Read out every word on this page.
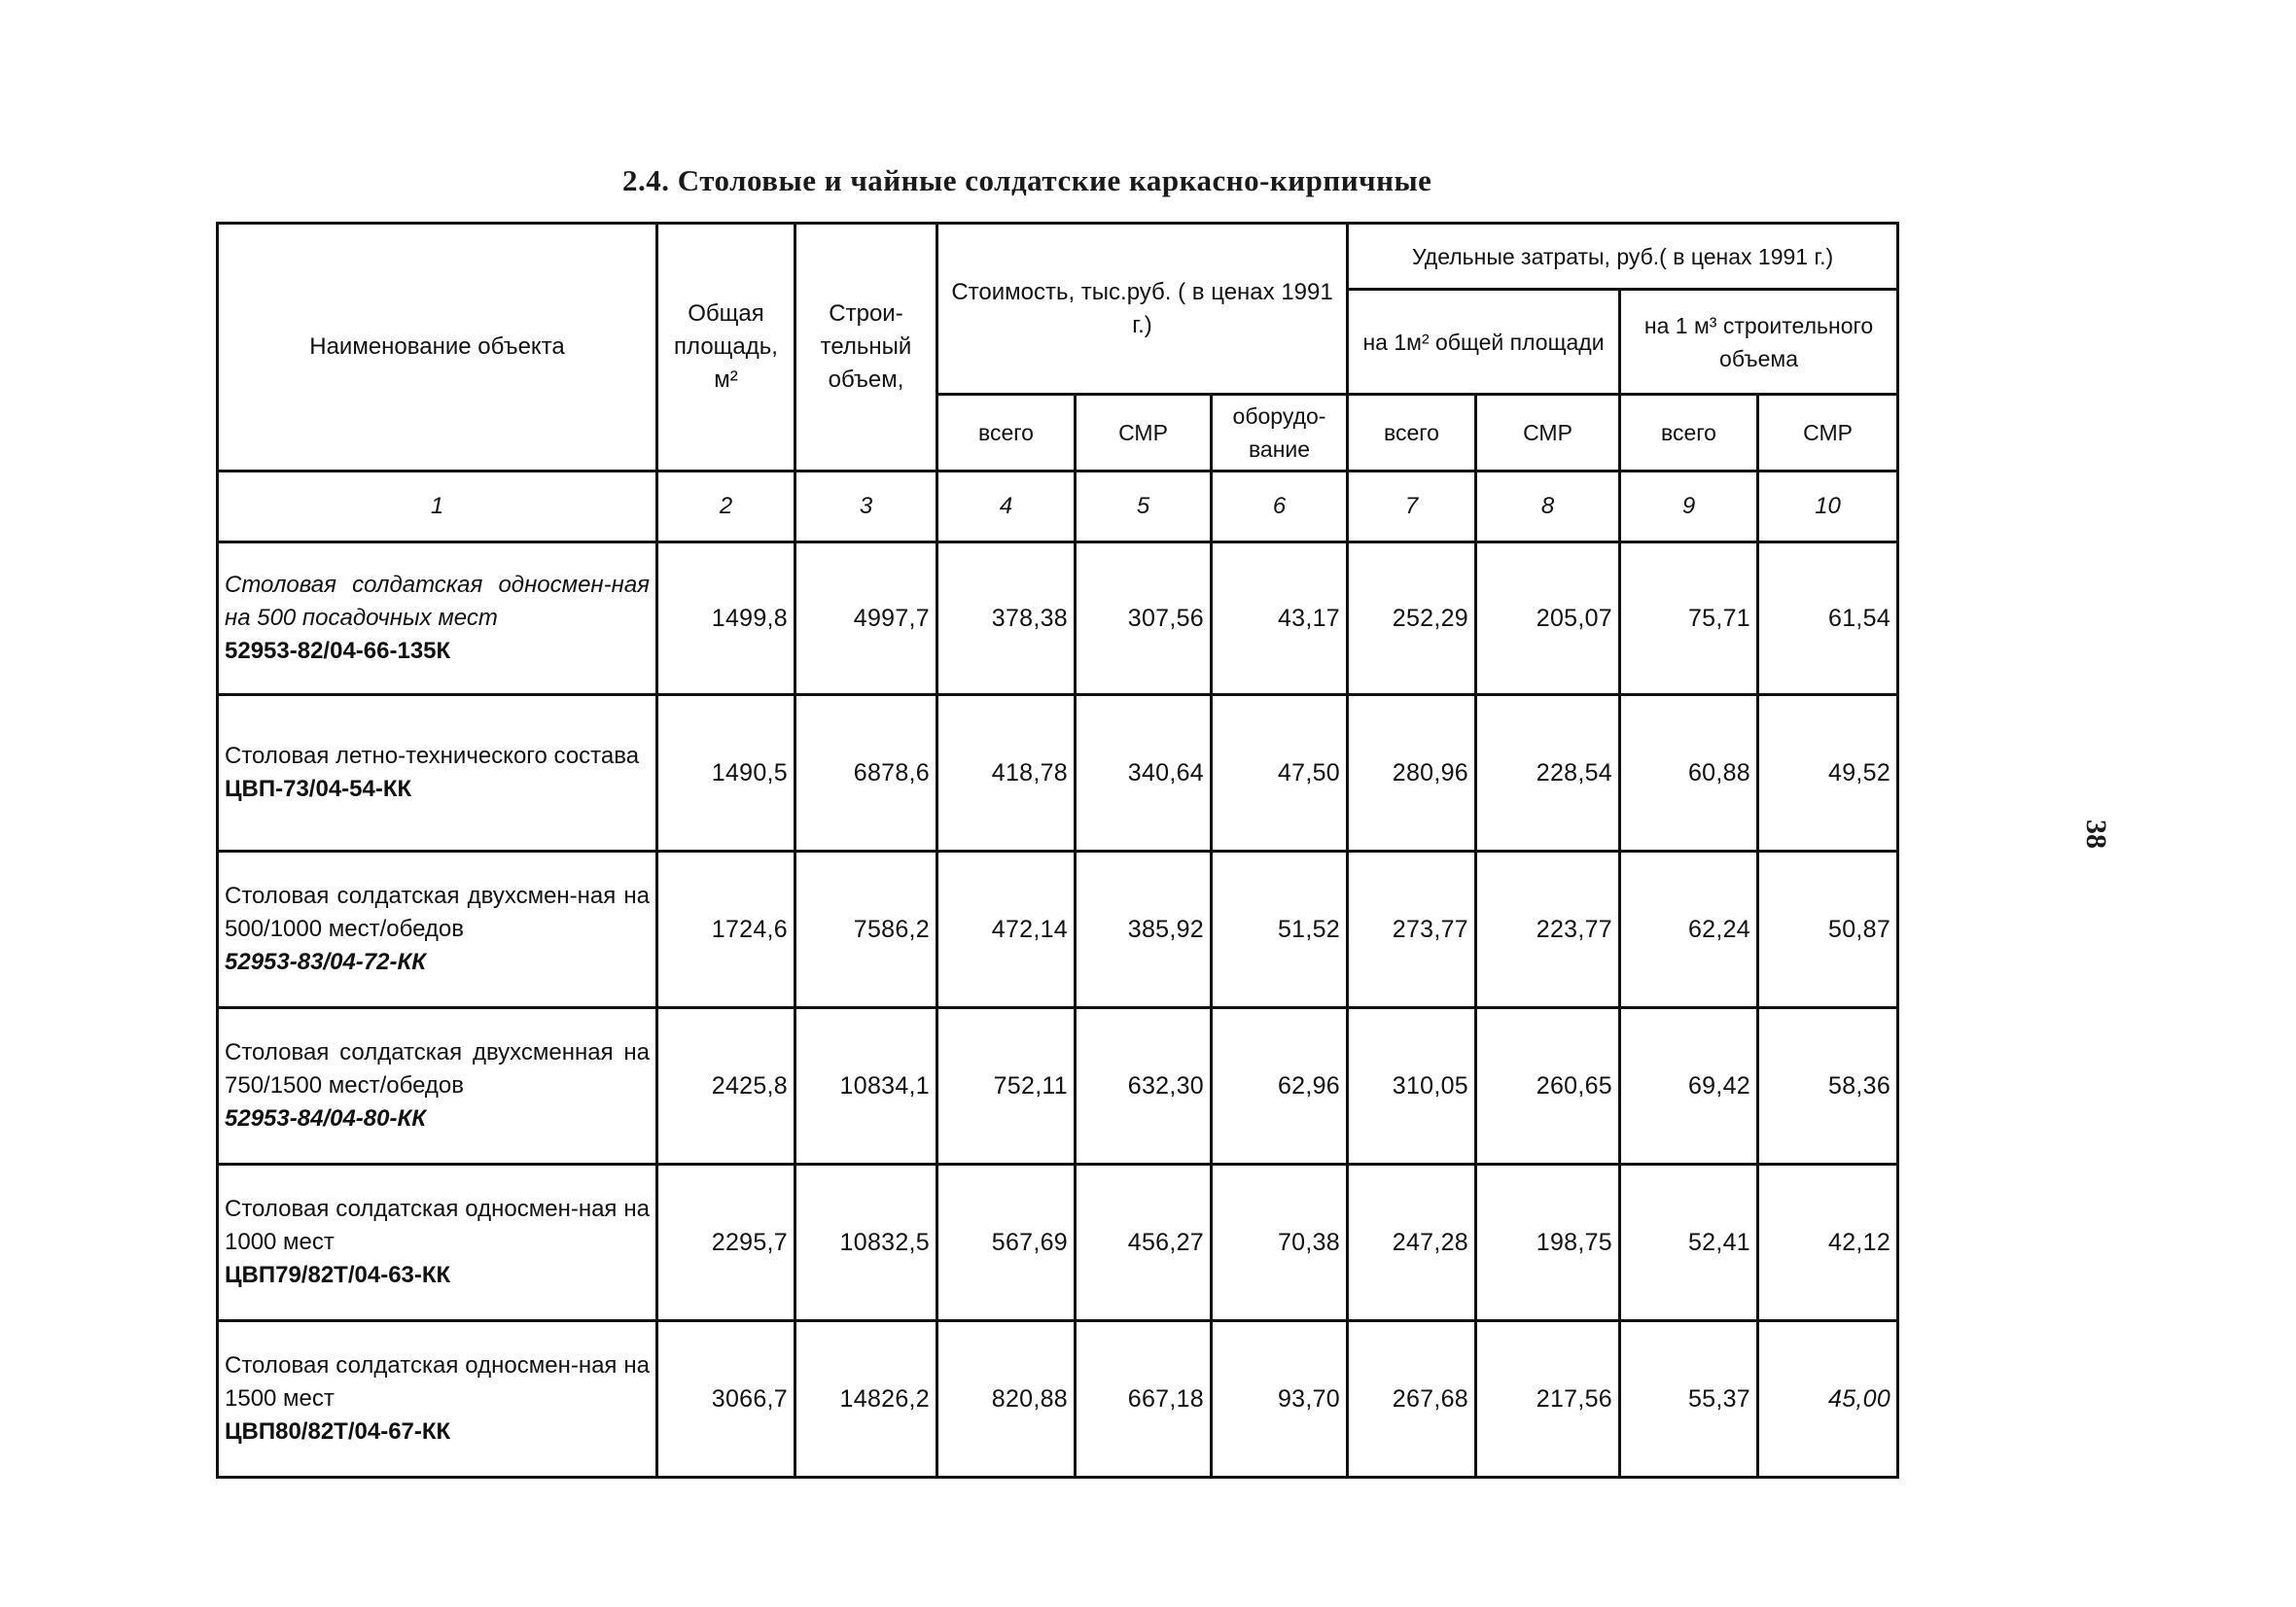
2.4. Столовые и чайные солдатские каркасно-кирпичные
38
Наименование объекта	Общая площадь, м²	Строи-тельный объем,	Стоимость, тыс.руб. ( в ценах 1991 г.)			Удельные затраты, руб.( в ценах 1991 г.)			
						на 1м² общей площади		на 1 м³ строительного объема	
			всего	СМР	оборудо-вание	всего	СМР	всего	СМР
1	2	3	4	5	6	7	8	9	10

Столовая солдатская односмен-ная на 500 посадочных мест
52953-82/04-66-135К	1499,8	4997,7	378,38	307,56	43,17	252,29	205,07	75,71	61,54

Столовая летно-технического состава
ЦВП-73/04-54-КК	1490,5	6878,6	418,78	340,64	47,50	280,96	228,54	60,88	49,52

Столовая солдатская двухсмен-ная на 500/1000 мест/обедов
52953-83/04-72-КК	1724,6	7586,2	472,14	385,92	51,52	273,77	223,77	62,24	50,87

Столовая солдатская двухсменная на 750/1500 мест/обедов
52953-84/04-80-КК	2425,8	10834,1	752,11	632,30	62,96	310,05	260,65	69,42	58,36

Столовая солдатская односмен-ная на 1000 мест
ЦВП79/82Т/04-63-КК	2295,7	10832,5	567,69	456,27	70,38	247,28	198,75	52,41	42,12

Столовая солдатская односмен-ная на 1500 мест
ЦВП80/82Т/04-67-КК	3066,7	14826,2	820,88	667,18	93,70	267,68	217,56	55,37	45,00
